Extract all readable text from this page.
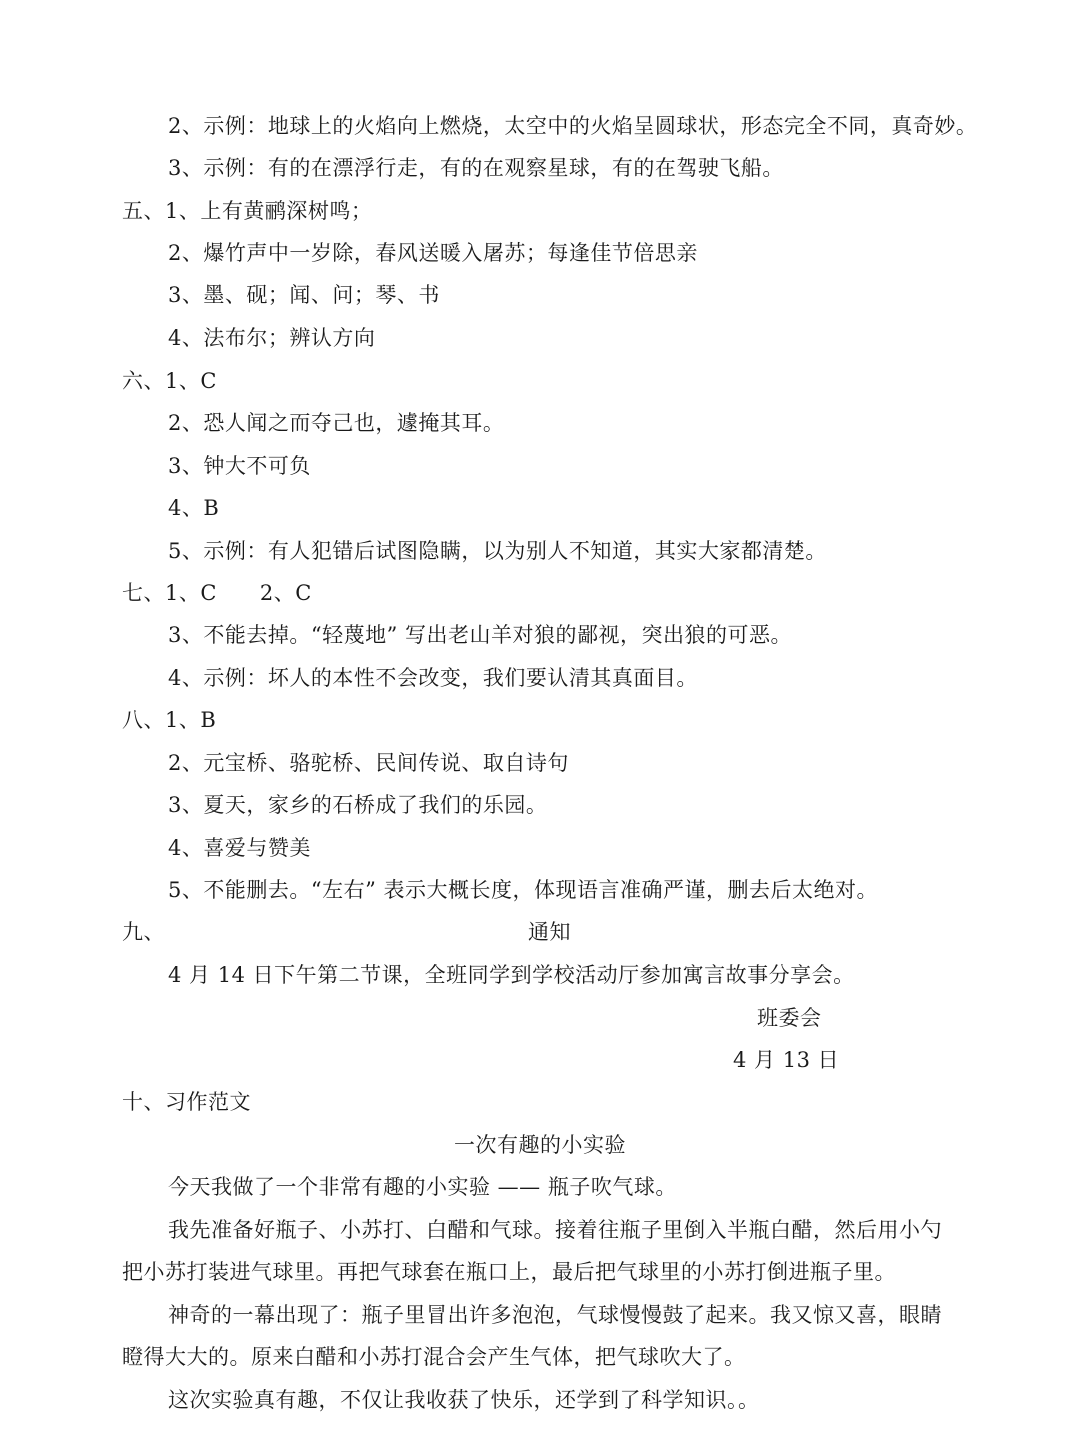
2、示例：地球上的火焰向上燃烧，太空中的火焰呈圆球状，形态完全不同，真奇妙。
3、示例：有的在漂浮行走，有的在观察星球，有的在驾驶飞船。
五、1、上有黄鹂深树鸣；
2、爆竹声中一岁除，春风送暖入屠苏；每逢佳节倍思亲
3、墨、砚；闻、问；琴、书
4、法布尔；辨认方向
六、1、C
2、恐人闻之而夺己也，遽掩其耳。
3、钟大不可负
4、B
5、示例：有人犯错后试图隐瞒，以为别人不知道，其实大家都清楚。
七、1、C　　2、C
3、不能去掉。“轻蔑地” 写出老山羊对狼的鄙视，突出狼的可恶。
4、示例：坏人的本性不会改变，我们要认清其真面目。
八、1、B
2、元宝桥、骆驼桥、民间传说、取自诗句
3、夏天，家乡的石桥成了我们的乐园。
4、喜爱与赞美
5、不能删去。“左右” 表示大概长度，体现语言准确严谨，删去后太绝对。
九、	通知
4 月 14 日下午第二节课，全班同学到学校活动厅参加寓言故事分享会。
班委会
4 月 13 日
十、习作范文
一次有趣的小实验
今天我做了一个非常有趣的小实验 —— 瓶子吹气球。
我先准备好瓶子、小苏打、白醋和气球。接着往瓶子里倒入半瓶白醋，然后用小勺
把小苏打装进气球里。再把气球套在瓶口上，最后把气球里的小苏打倒进瓶子里。
神奇的一幕出现了：瓶子里冒出许多泡泡，气球慢慢鼓了起来。我又惊又喜，眼睛
瞪得大大的。原来白醋和小苏打混合会产生气体，把气球吹大了。
这次实验真有趣，不仅让我收获了快乐，还学到了科学知识。。
